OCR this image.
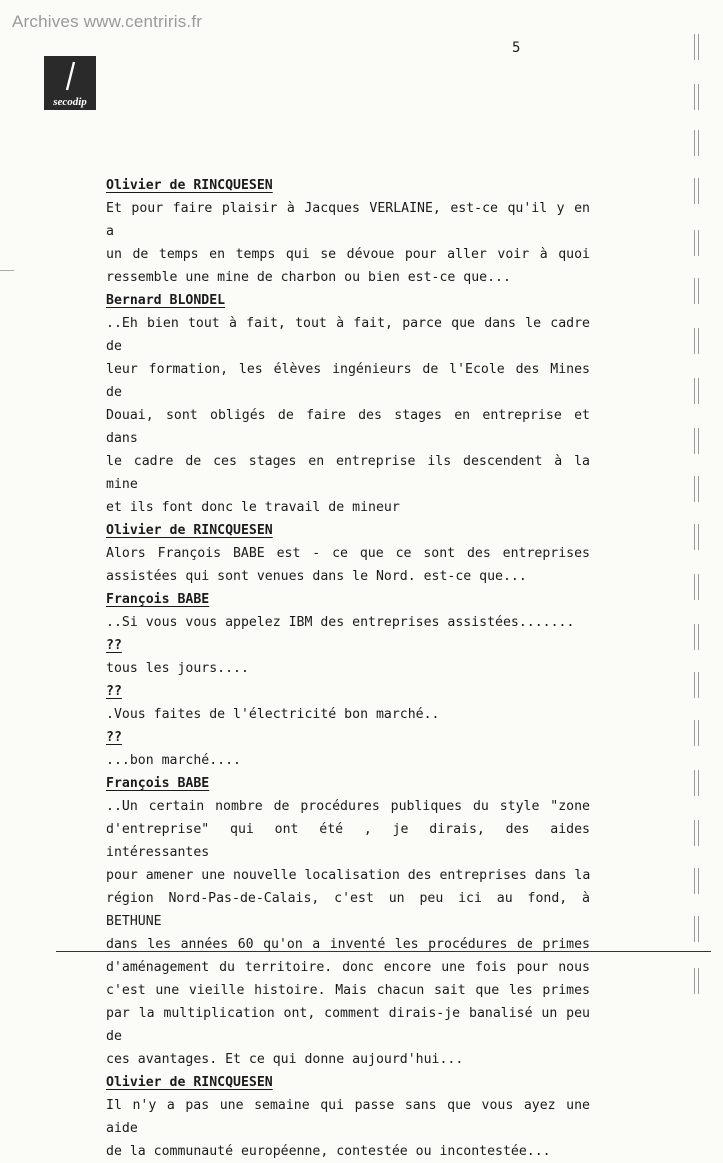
Archives www.centriris.fr
5
secodip
Olivier de RINCQUESEN
Et pour faire plaisir à Jacques VERLAINE, est-ce qu'il y en a
un de temps en temps qui se dévoue pour aller voir à quoi
ressemble une mine de charbon ou bien est-ce que...
Bernard BLONDEL
..Eh bien tout à fait, tout à fait, parce que dans le cadre de
leur formation, les élèves ingénieurs de l'Ecole des Mines de
Douai, sont obligés de faire des stages en entreprise et dans
le cadre de ces stages en entreprise ils descendent à la mine
et ils font donc le travail de mineur
Olivier de RINCQUESEN
Alors François BABE est - ce que ce sont des entreprises
assistées qui sont venues dans le Nord. est-ce que...
François BABE
..Si vous vous appelez IBM des entreprises assistées.......
??
tous les jours....
??
.Vous faites de l'électricité bon marché..
??
...bon marché....
François BABE
..Un certain nombre de procédures publiques du style "zone
d'entreprise" qui ont été , je dirais, des aides intéressantes
pour amener une nouvelle localisation des entreprises dans la
région Nord-Pas-de-Calais, c'est un peu ici au fond, à BETHUNE
dans les années 60 qu'on a inventé les procédures de primes
d'aménagement du territoire. donc encore une fois pour nous
c'est une vieille histoire. Mais chacun sait que les primes
par la multiplication ont, comment dirais-je banalisé un peu de
ces avantages. Et ce qui donne aujourd'hui...
Olivier de RINCQUESEN
Il n'y a pas une semaine qui passe sans que vous ayez une aide
de la communauté européenne, contestée ou incontestée...
